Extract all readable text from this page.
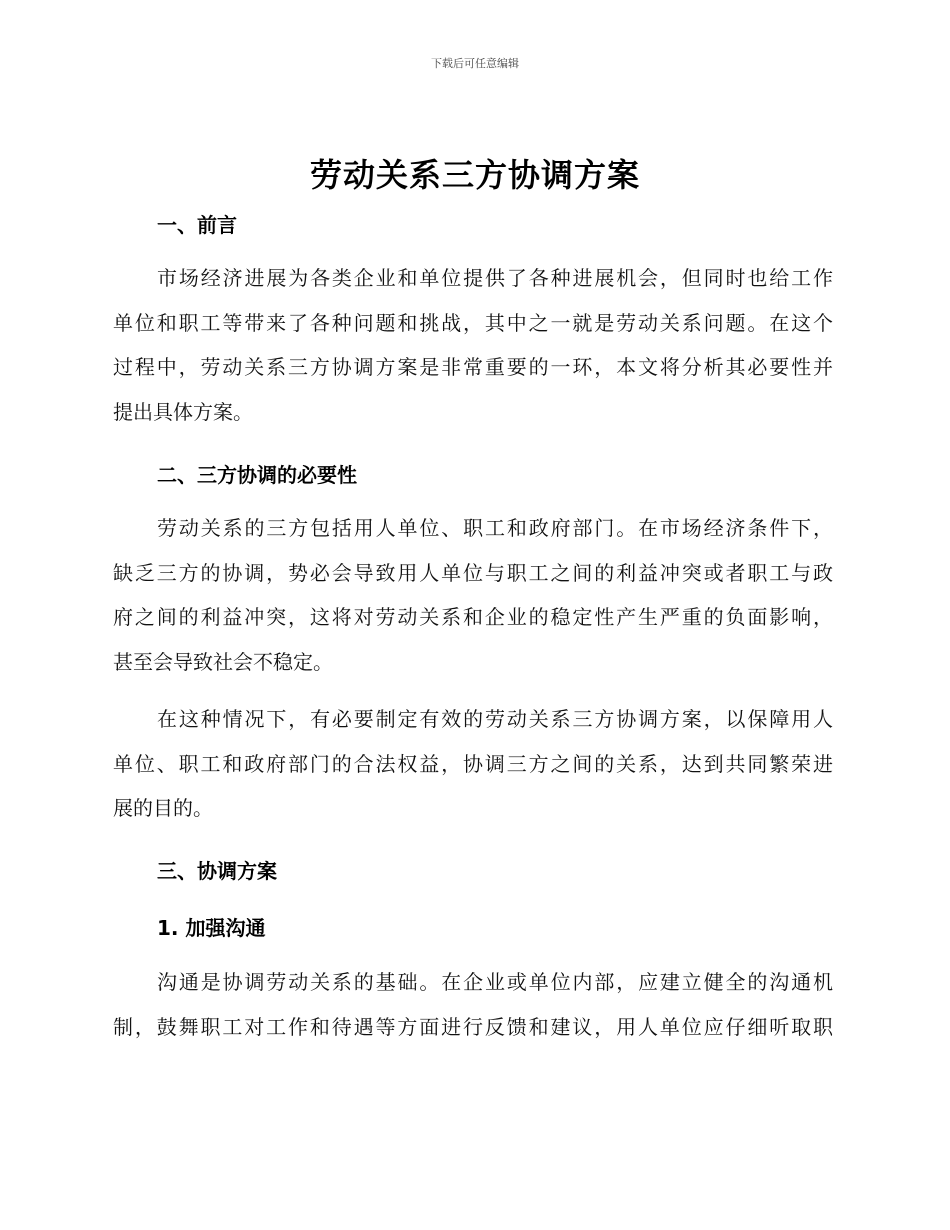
下载后可任意编辑
劳动关系三方协调方案
一、前言
市场经济进展为各类企业和单位提供了各种进展机会，但同时也给工作
单位和职工等带来了各种问题和挑战，其中之一就是劳动关系问题。在这个
过程中，劳动关系三方协调方案是非常重要的一环，本文将分析其必要性并
提出具体方案。
二、三方协调的必要性
劳动关系的三方包括用人单位、职工和政府部门。在市场经济条件下，
缺乏三方的协调，势必会导致用人单位与职工之间的利益冲突或者职工与政
府之间的利益冲突，这将对劳动关系和企业的稳定性产生严重的负面影响，
甚至会导致社会不稳定。
在这种情况下，有必要制定有效的劳动关系三方协调方案，以保障用人
单位、职工和政府部门的合法权益，协调三方之间的关系，达到共同繁荣进
展的目的。
三、协调方案
1. 加强沟通
沟通是协调劳动关系的基础。在企业或单位内部，应建立健全的沟通机
制，鼓舞职工对工作和待遇等方面进行反馈和建议，用人单位应仔细听取职
